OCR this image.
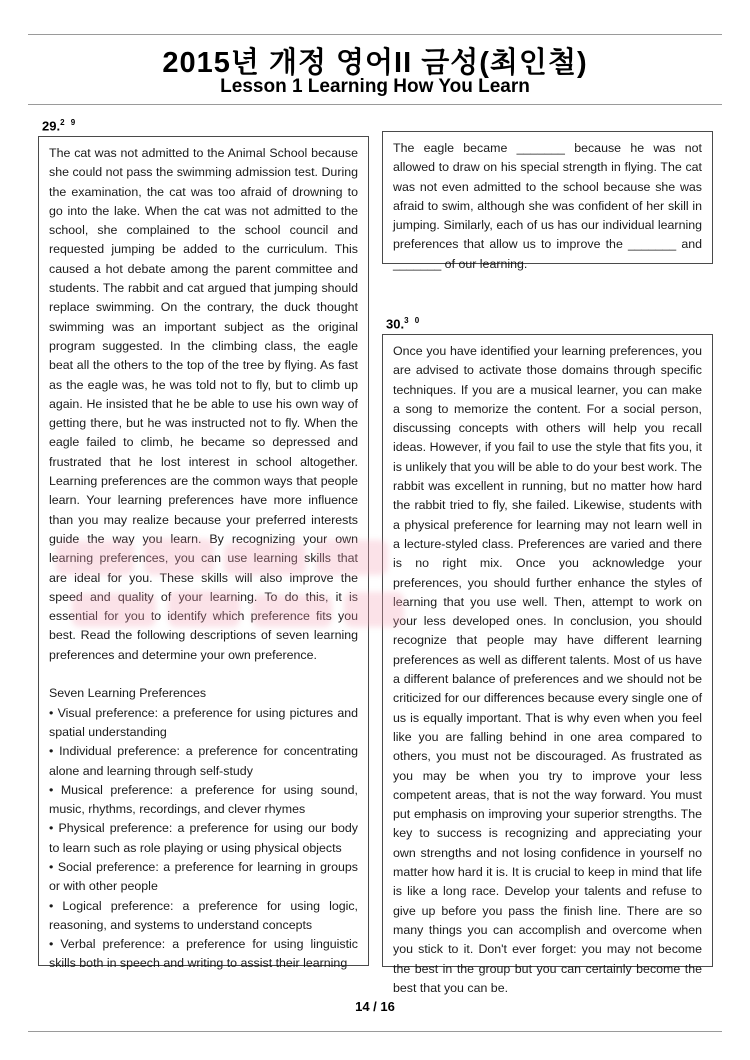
2015년 개정 영어II 금성(최인철)
Lesson 1 Learning How You Learn
29.$^{2 9}$
The cat was not admitted to the Animal School because she could not pass the swimming admission test. During the examination, the cat was too afraid of drowning to go into the lake. When the cat was not admitted to the school, she complained to the school council and requested jumping be added to the curriculum. This caused a hot debate among the parent committee and students. The rabbit and cat argued that jumping should replace swimming. On the contrary, the duck thought swimming was an important subject as the original program suggested. In the climbing class, the eagle beat all the others to the top of the tree by flying. As fast as the eagle was, he was told not to fly, but to climb up again. He insisted that he be able to use his own way of getting there, but he was instructed not to fly. When the eagle failed to climb, he became so depressed and frustrated that he lost interest in school altogether. Learning preferences are the common ways that people learn. Your learning preferences have more influence than you may realize because your preferred interests guide the way you learn. By recognizing your own learning preferences, you can use learning skills that are ideal for you. These skills will also improve the speed and quality of your learning. To do this, it is essential for you to identify which preference fits you best. Read the following descriptions of seven learning preferences and determine your own preference.
Seven Learning Preferences
• Visual preference: a preference for using pictures and spatial understanding
• Individual preference: a preference for concentrating alone and learning through self-study
• Musical preference: a preference for using sound, music, rhythms, recordings, and clever rhymes
• Physical preference: a preference for using our body to learn such as role playing or using physical objects
• Social preference: a preference for learning in groups or with other people
• Logical preference: a preference for using logic, reasoning, and systems to understand concepts
• Verbal preference: a preference for using linguistic skills both in speech and writing to assist their learning
The eagle became _______ because he was not allowed to draw on his special strength in flying. The cat was not even admitted to the school because she was afraid to swim, although she was confident of her skill in jumping. Similarly, each of us has our individual learning preferences that allow us to improve the _______ and _______ of our learning.
30.$^{3 0}$
Once you have identified your learning preferences, you are advised to activate those domains through specific techniques. If you are a musical learner, you can make a song to memorize the content. For a social person, discussing concepts with others will help you recall ideas. However, if you fail to use the style that fits you, it is unlikely that you will be able to do your best work. The rabbit was excellent in running, but no matter how hard the rabbit tried to fly, she failed. Likewise, students with a physical preference for learning may not learn well in a lecture-styled class. Preferences are varied and there is no right mix. Once you acknowledge your preferences, you should further enhance the styles of learning that you use well. Then, attempt to work on your less developed ones. In conclusion, you should recognize that people may have different learning preferences as well as different talents. Most of us have a different balance of preferences and we should not be criticized for our differences because every single one of us is equally important. That is why even when you feel like you are falling behind in one area compared to others, you must not be discouraged. As frustrated as you may be when you try to improve your less competent areas, that is not the way forward. You must put emphasis on improving your superior strengths. The key to success is recognizing and appreciating your own strengths and not losing confidence in yourself no matter how hard it is. It is crucial to keep in mind that life is like a long race. Develop your talents and refuse to give up before you pass the finish line. There are so many things you can accomplish and overcome when you stick to it. Don't ever forget: you may not become the best in the group but you can certainly become the best that you can be.
14 / 16
